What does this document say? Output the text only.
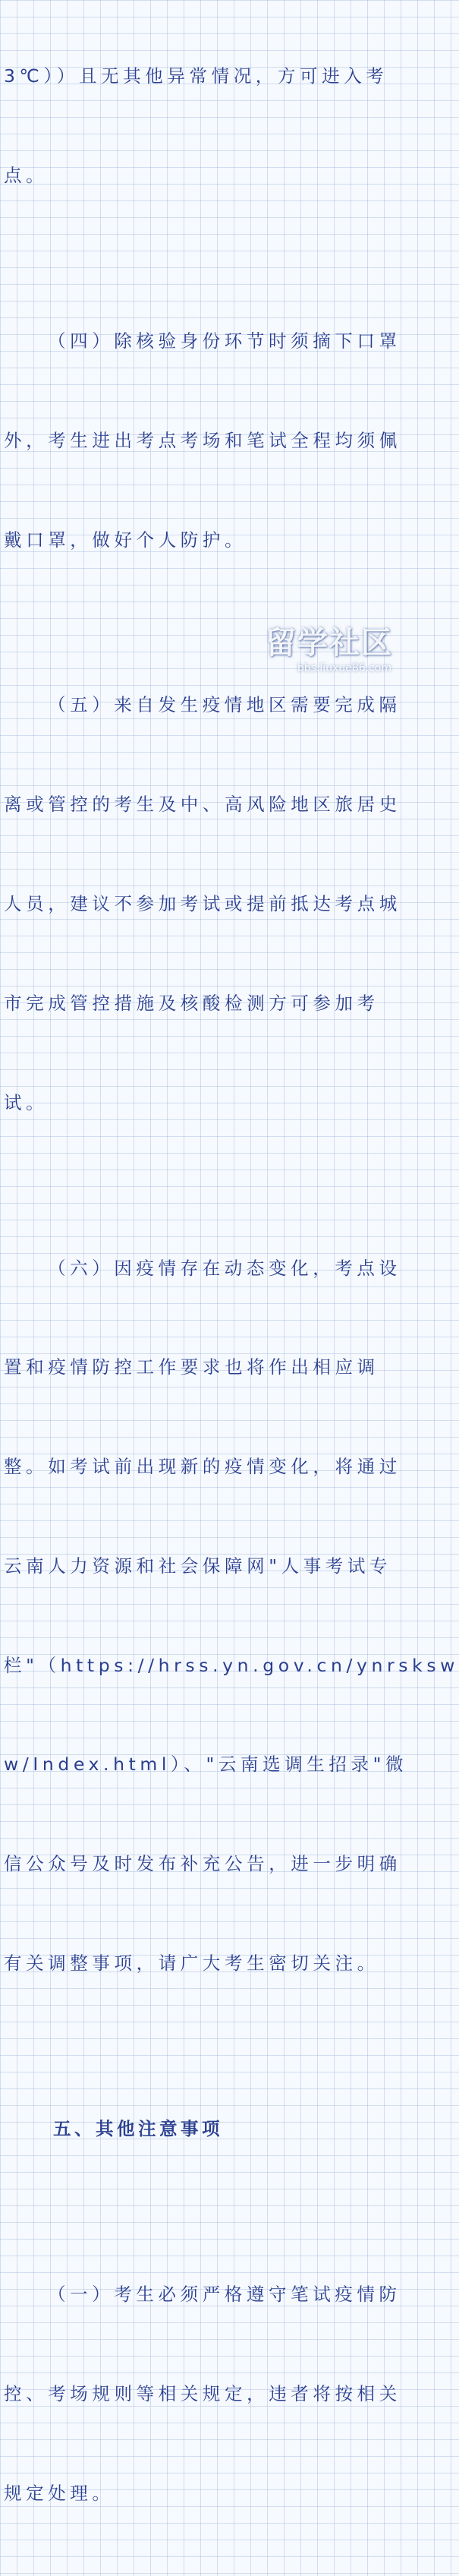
3℃））且无其他异常情况，方可进入考

点。

（四）除核验身份环节时须摘下口罩

外，考生进出考点考场和笔试全程均须佩

戴口罩，做好个人防护。

（五）来自发生疫情地区需要完成隔

离或管控的考生及中、高风险地区旅居史

人员，建议不参加考试或提前抵达考点城

市完成管控措施及核酸检测方可参加考

试。

（六）因疫情存在动态变化，考点设

置和疫情防控工作要求也将作出相应调

整。如考试前出现新的疫情变化，将通过

云南人力资源和社会保障网"人事考试专

栏"（https://hrss.yn.gov.cn/ynrsksw

w/Index.html）、"云南选调生招录"微

信公众号及时发布补充公告，进一步明确

有关调整事项，请广大考生密切关注。

五、其他注意事项

（一）考生必须严格遵守笔试疫情防

控、考场规则等相关规定，违者将按相关

规定处理。

留学社区
bbs.liuxue86.com
